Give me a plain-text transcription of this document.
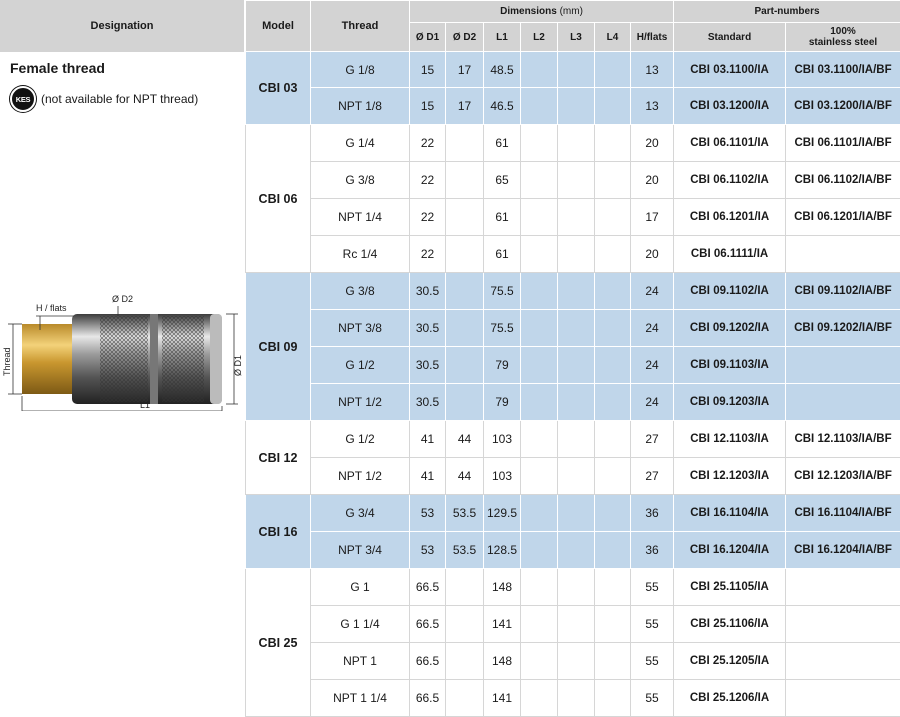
Designation
Female thread
KES (not available for NPT thread)
H / flats
Ø D2
Thread	Ø D1
L1
Model	Thread	Dimensions (mm)							Part-numbers	
		Ø D1	Ø D2	L1	L2	L3	L4	H/flats	Standard	100%
stainless steel
CBI 03	G 1/8	15	17	48.5				13	CBI 03.1100/IA	CBI 03.1100/IA/BF
	NPT 1/8	15	17	46.5				13	CBI 03.1200/IA	CBI 03.1200/IA/BF
CBI 06	G 1/4	22		61				20	CBI 06.1101/IA	CBI 06.1101/IA/BF
	G 3/8	22		65				20	CBI 06.1102/IA	CBI 06.1102/IA/BF
	NPT 1/4	22		61				17	CBI 06.1201/IA	CBI 06.1201/IA/BF
	Rc 1/4	22		61				20	CBI 06.1111/IA	
CBI 09	G 3/8	30.5		75.5				24	CBI 09.1102/IA	CBI 09.1102/IA/BF
	NPT 3/8	30.5		75.5				24	CBI 09.1202/IA	CBI 09.1202/IA/BF
	G 1/2	30.5		79				24	CBI 09.1103/IA	
	NPT 1/2	30.5		79				24	CBI 09.1203/IA	
CBI 12	G 1/2	41	44	103				27	CBI 12.1103/IA	CBI 12.1103/IA/BF
	NPT 1/2	41	44	103				27	CBI 12.1203/IA	CBI 12.1203/IA/BF
CBI 16	G 3/4	53	53.5	129.5				36	CBI 16.1104/IA	CBI 16.1104/IA/BF
	NPT 3/4	53	53.5	128.5				36	CBI 16.1204/IA	CBI 16.1204/IA/BF
CBI 25	G 1	66.5		148				55	CBI 25.1105/IA	
	G 1 1/4	66.5		141				55	CBI 25.1106/IA	
	NPT 1	66.5		148				55	CBI 25.1205/IA	
	NPT 1 1/4	66.5		141				55	CBI 25.1206/IA	
